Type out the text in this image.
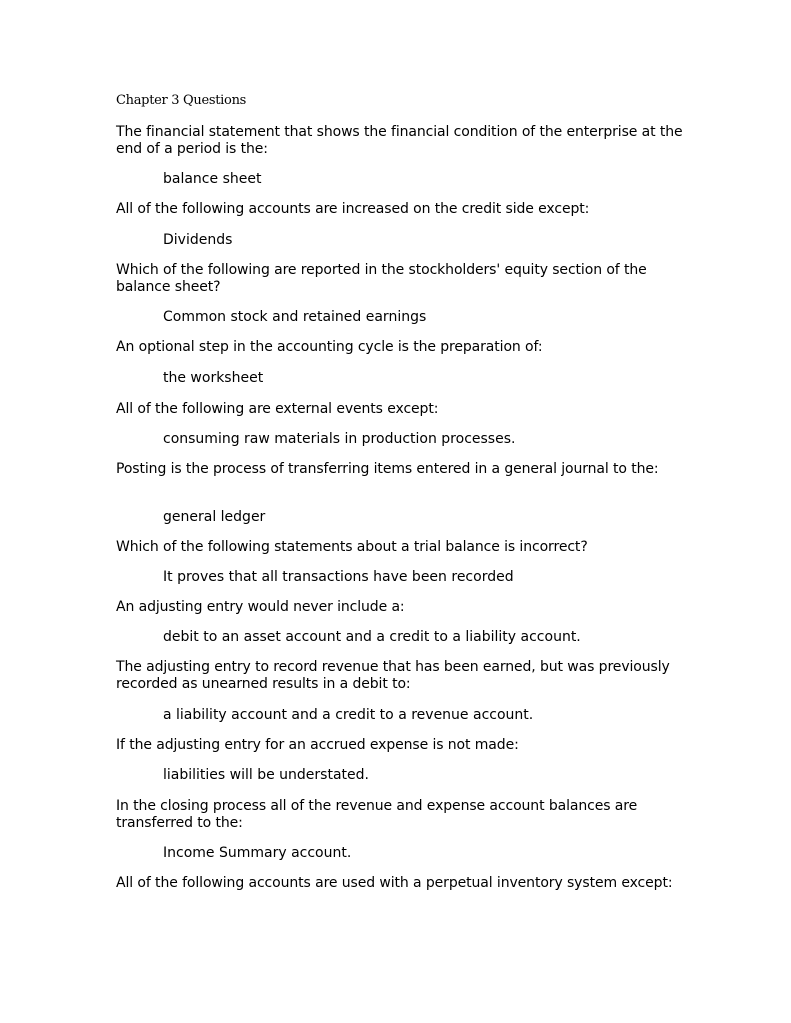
Chapter 3 Questions

The financial statement that shows the financial condition of the enterprise at the end of a period is the:

balance sheet

All of the following accounts are increased on the credit side except:

Dividends

Which of the following are reported in the stockholders' equity section of the balance sheet?

Common stock and retained earnings

An optional step in the accounting cycle is the preparation of:

the worksheet

All of the following are external events except:

consuming raw materials in production processes.

Posting is the process of transferring items entered in a general journal to the:

general ledger

Which of the following statements about a trial balance is incorrect?

It proves that all transactions have been recorded

An adjusting entry would never include a:

debit to an asset account and a credit to a liability account.

The adjusting entry to record revenue that has been earned, but was previously recorded as unearned results in a debit to:

a liability account and a credit to a revenue account.

If the adjusting entry for an accrued expense is not made:

liabilities will be understated.

In the closing process all of the revenue and expense account balances are transferred to the:

Income Summary account.

All of the following accounts are used with a perpetual inventory system except:
